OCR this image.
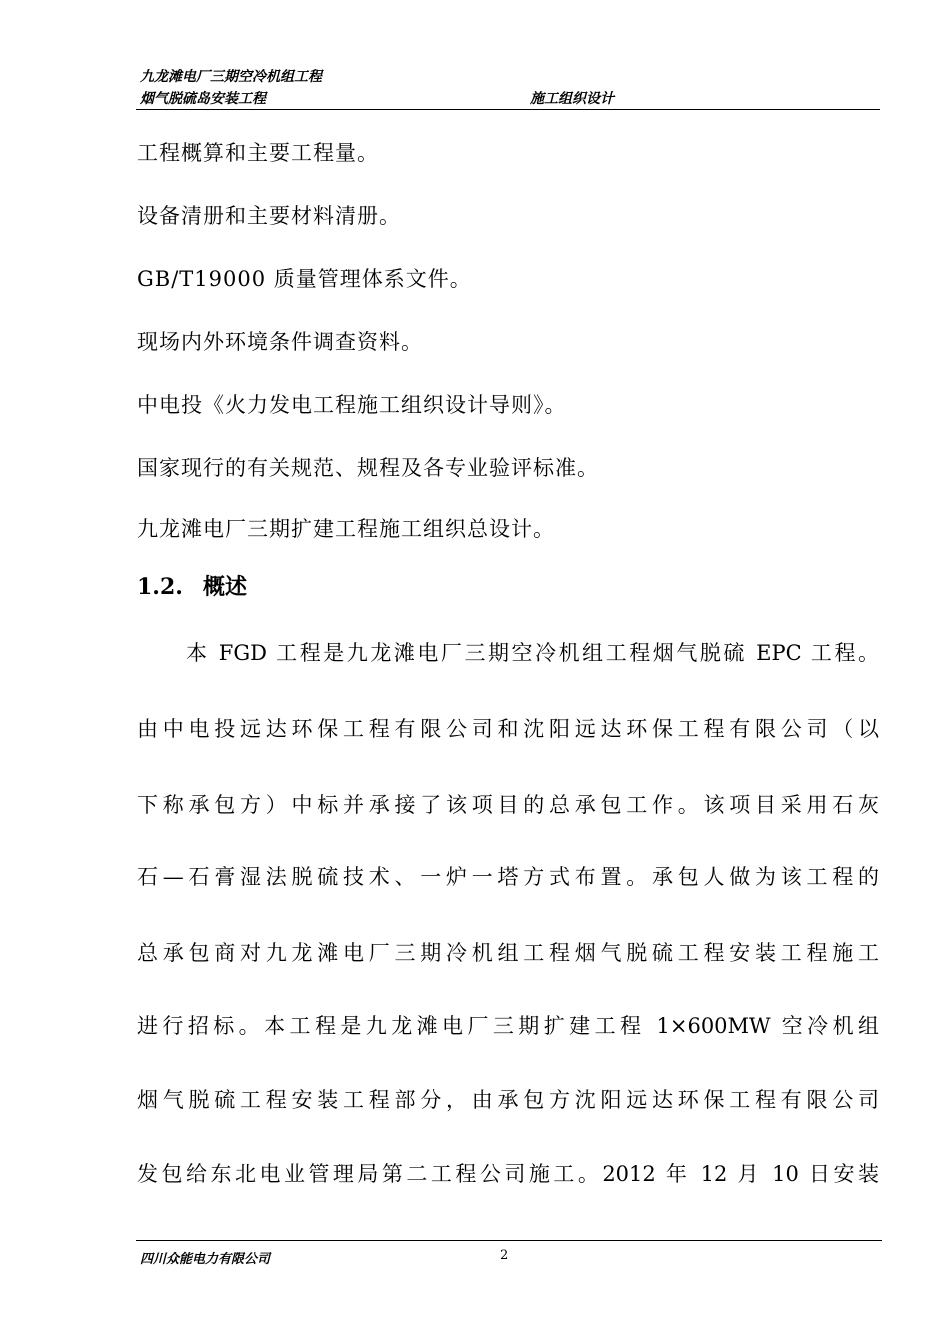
九龙滩电厂三期空冷机组工程
烟气脱硫岛安装工程	施工组织设计
工程概算和主要工程量。
设备清册和主要材料清册。
GB/T19000 质量管理体系文件。
现场内外环境条件调查资料。
中电投《火力发电工程施工组织设计导则》。
国家现行的有关规范、规程及各专业验评标准。
九龙滩电厂三期扩建工程施工组织总设计。
1.2. 概述
本 FGD 工程是九龙滩电厂三期空冷机组工程烟气脱硫 EPC 工程。
由中电投远达环保工程有限公司和沈阳远达环保工程有限公司（以
下称承包方）中标并承接了该项目的总承包工作。该项目采用石灰
石—石膏湿法脱硫技术、一炉一塔方式布置。承包人做为该工程的
总承包商对九龙滩电厂三期冷机组工程烟气脱硫工程安装工程施工
进行招标。本工程是九龙滩电厂三期扩建工程 1×600MW 空冷机组
烟气脱硫工程安装工程部分，由承包方沈阳远达环保工程有限公司
发包给东北电业管理局第二工程公司施工。2012 年 12 月 10 日安装
四川众能电力有限公司	2
